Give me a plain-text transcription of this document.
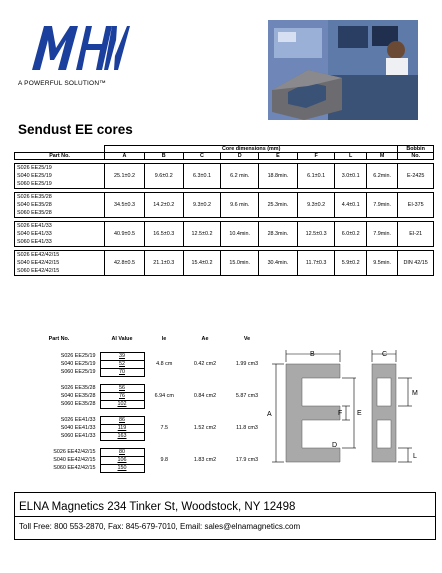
A POWERFUL SOLUTION™
Sendust EE cores
	Core dimensions (mm)								Bobbin
Part No.	A	B	C	D	E	F	L	M	No.

S026 EE25/19
S040 EE25/19
S060 EE25/19	25.1±0.2	9.6±0.2	6.3±0.1	6.2 min.	18.8min.	6.1±0.1	3.0±0.1	6.2min.	E-2425

S026 EE35/28
S040 EE35/28
S060 EE35/28	34.5±0.3	14.2±0.2	9.3±0.2	9.6 min.	25.3min.	9.3±0.2	4.4±0.1	7.9min.	EI-375

S026 EE41/33
S040 EE41/33
S060 EE41/33	40.9±0.5	16.5±0.3	12.5±0.2	10.4min.	28.3min.	12.5±0.3	6.0±0.2	7.9min.	EI-21

S026 EE42/42/15
S040 EE42/42/15
S060 EE42/42/15	42.8±0.5	21.1±0.3	15.4±0.2	15.0min.	30.4min.	11.7±0.3	5.9±0.2	9.5min.	DIN 42/15
Part No.	Al Value	le	Ae	Ve

S026 EE25/19	39	4.8 cm	0.42 cm2	1.99 cm3
S040 EE25/19	52			
S060 EE25/19	70			

S026 EE35/28	56	6.94 cm	0.84 cm2	5.87 cm3
S040 EE35/28	76			
S060 EE35/28	102			

S026 EE41/33	86	7.5	1.52 cm2	11.8 cm3
S040 EE41/33	119			
S060 EE41/33	163			

S026 EE42/42/15	80	9.8	1.83 cm2	17.9 cm3
S040 EE42/42/15	106			
S060 EE42/42/15	150			
B	C
A	F E
M
L
D
ELNA Magnetics 234 Tinker St, Woodstock, NY 12498
Toll Free: 800 553-2870, Fax: 845-679-7010, Email: sales@elnamagnetics.com
